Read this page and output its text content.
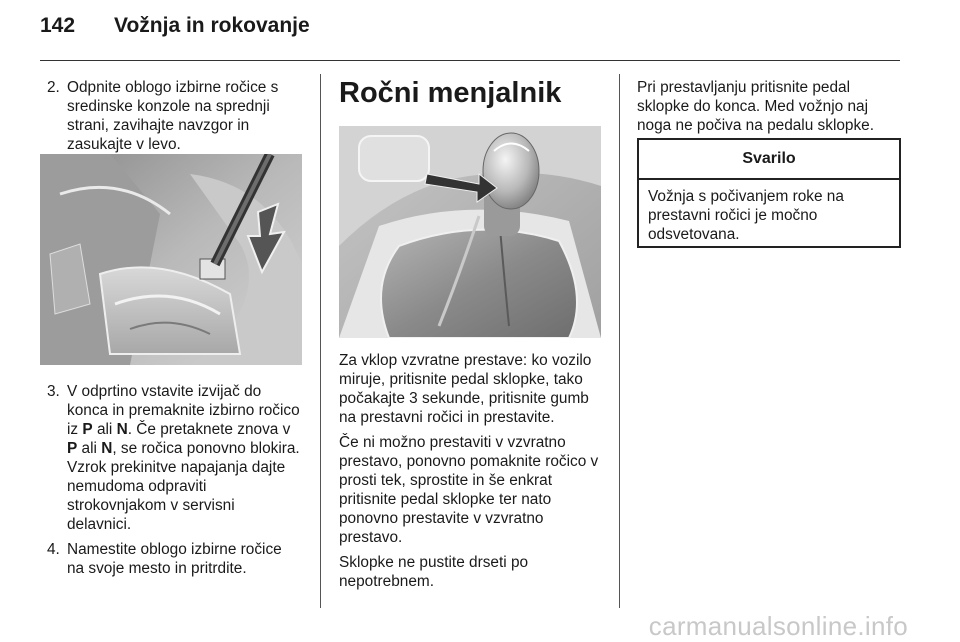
142 Vožnja in rokovanje
2. Odpnite oblogo izbirne ročice s sredinske konzole na sprednji strani, zavihajte navzgor in zasukajte v levo.

3. V odprtino vstavite izvijač do konca in premaknite izbirno ročico iz P ali N. Če pretaknete znova v P ali N, se ročica ponovno blokira. Vzrok prekinitve napajanja dajte nemudoma odpraviti strokovnjakom v servisni delavnici.

4. Namestite oblogo izbirne ročice na svoje mesto in pritrdite.

Ročni menjalnik

Za vklop vzvratne prestave: ko vozilo miruje, pritisnite pedal sklopke, tako počakajte 3 sekunde, pritisnite gumb na prestavni ročici in prestavite.

Če ni možno prestaviti v vzvratno prestavo, ponovno pomaknite ročico v prosti tek, sprostite in še enkrat pritisnite pedal sklopke ter nato ponovno prestavite v vzvratno prestavo.

Sklopke ne pustite drseti po nepotrebnem.

Pri prestavljanju pritisnite pedal sklopke do konca. Med vožnjo naj noga ne počiva na pedalu sklopke.

Svarilo
Vožnja s počivanjem roke na prestavni ročici je močno odsvetovana.
carmanualsonline.info
